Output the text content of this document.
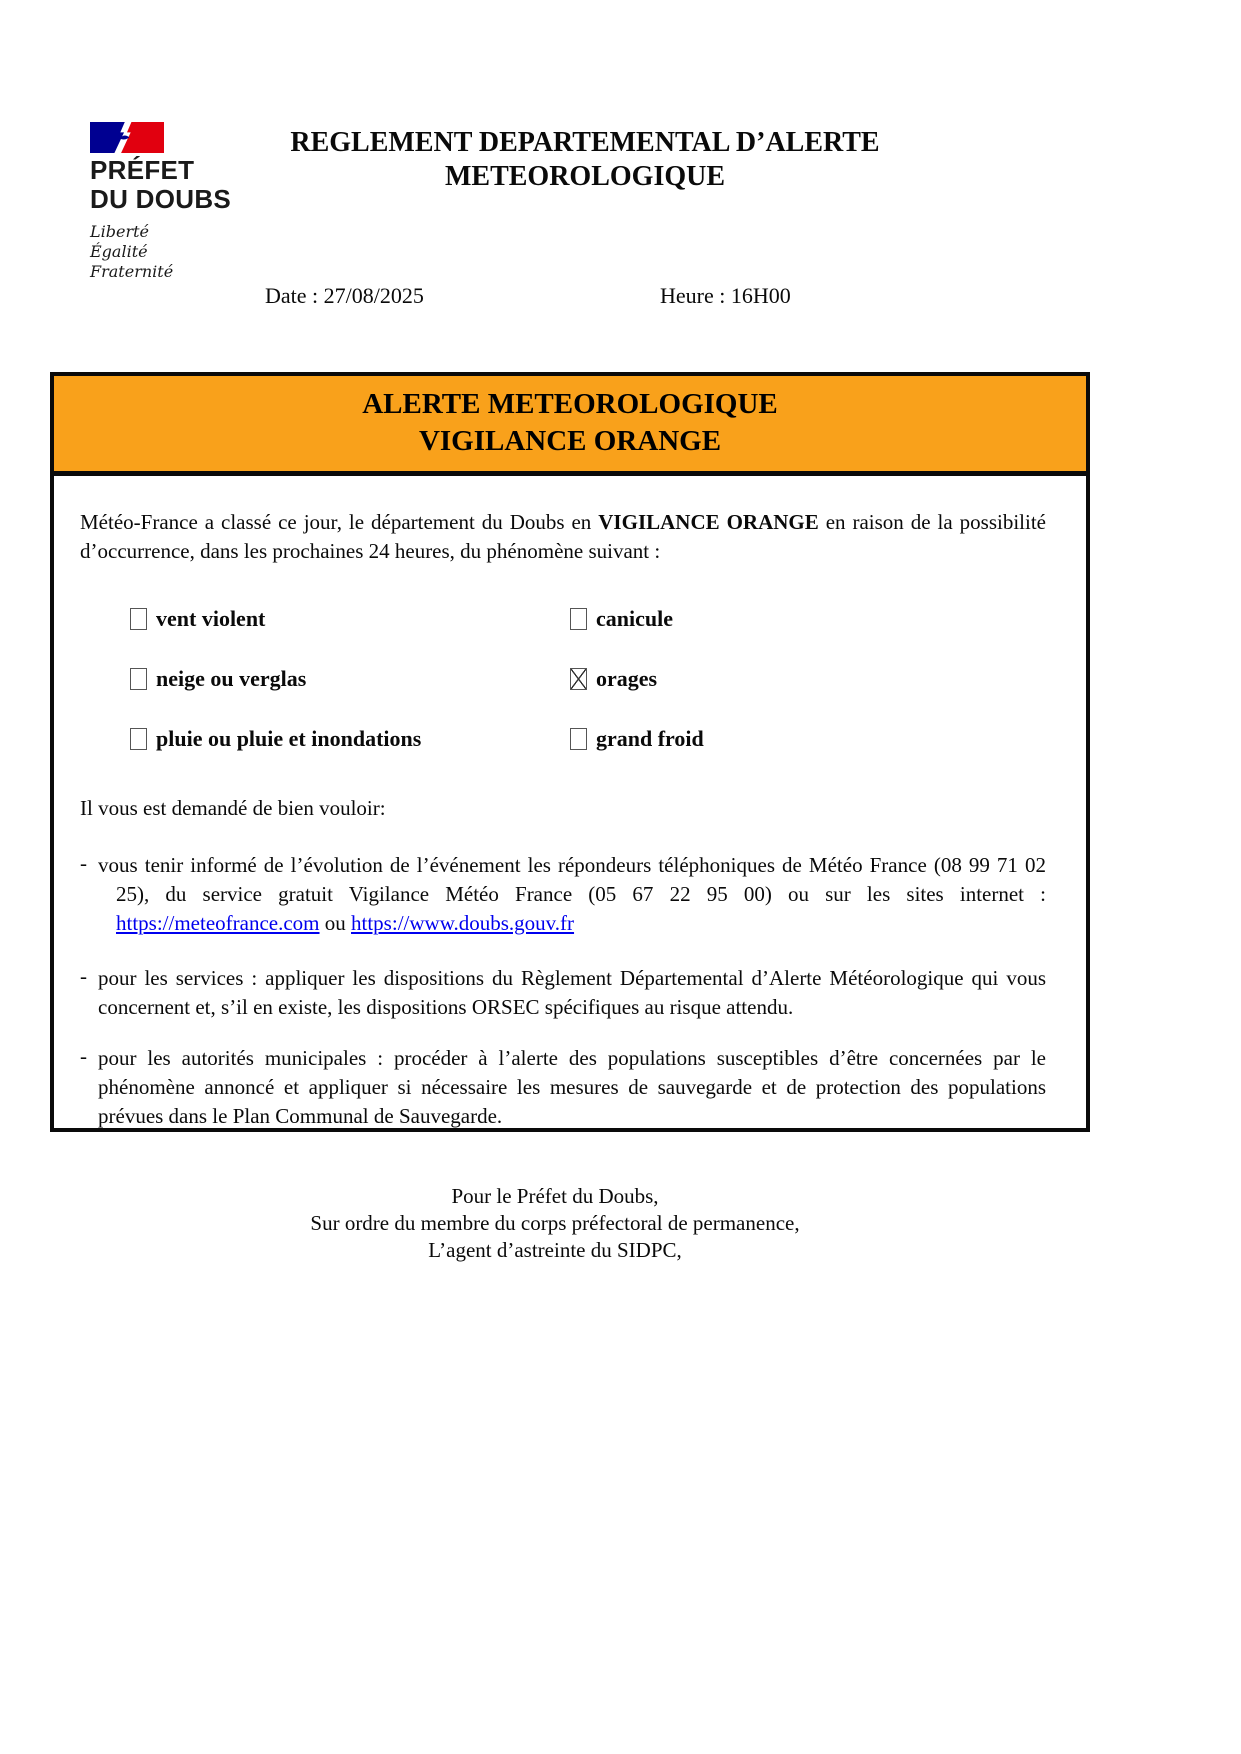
PRÉFET
DU DOUBS
Liberté
Égalité
Fraternité
REGLEMENT DEPARTEMENTAL D’ALERTE
METEOROLOGIQUE
Date : 27/08/2025	Heure : 16H00
ALERTE METEOROLOGIQUE
VIGILANCE ORANGE

Météo-France a classé ce jour, le département du Doubs en VIGILANCE ORANGE en raison de la possibilité d’occurrence, dans les prochaines 24 heures, du phénomène suivant :

vent violent	canicule
neige ou verglas	orages
pluie ou pluie et inondations	grand froid

Il vous est demandé de bien vouloir:

- vous tenir informé de l’évolution de l’événement les répondeurs téléphoniques de Météo France (08 99 71 02 25), du service gratuit Vigilance Météo France (05 67 22 95 00) ou sur les sites internet : https://meteofrance.com ou https://www.doubs.gouv.fr
- pour les services : appliquer les dispositions du Règlement Départemental d’Alerte Météorologique qui vous concernent et, s’il en existe, les dispositions ORSEC spécifiques au risque attendu.
- pour les autorités municipales : procéder à l’alerte des populations susceptibles d’être concernées par le phénomène annoncé et appliquer si nécessaire les mesures de sauvegarde et de protection des populations prévues dans le Plan Communal de Sauvegarde.
Pour le Préfet du Doubs,
Sur ordre du membre du corps préfectoral de permanence,
L’agent d’astreinte du SIDPC,
